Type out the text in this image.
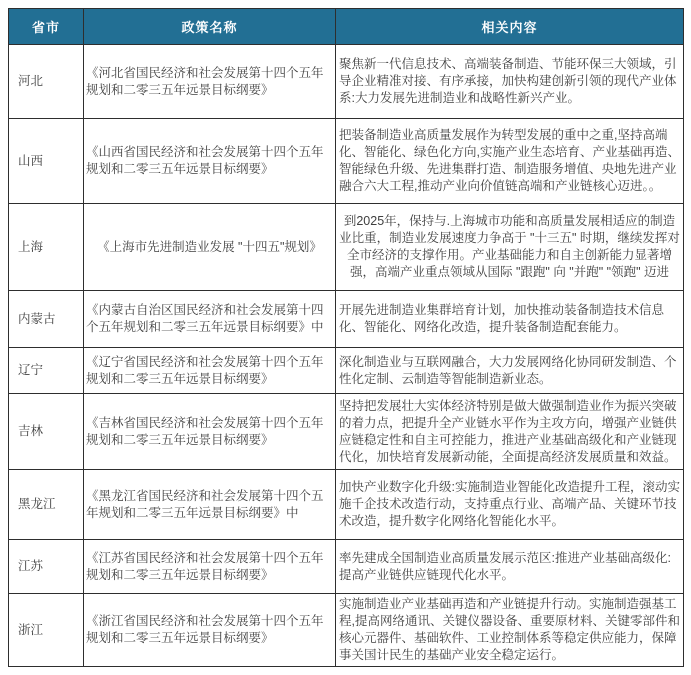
省市	政策名称	相关内容
河北	《河北省国民经济和社会发展第十四个五年规划和二零三五年远景目标纲要》	聚焦新一代信息技术、高端装备制造、节能环保三大领域，引导企业精准对接、有序承接，加快构建创新引领的现代产业体系:大力发展先进制造业和战略性新兴产业。
山西	《山西省国民经济和社会发展第十四个五年规划和二零三五年远景目标纲要》	把装备制造业高质量发展作为转型发展的重中之重,坚持高端化、智能化、绿色化方向,实施产业生态培育、产业基础再造、智能绿色升级、先进集群打造、制造服务增值、央地先进产业融合六大工程,推动产业向价值链高端和产业链核心迈进。。
上海	《上海市先进制造业发展 "十四五"规划》	到2025年，保持与.上海城市功能和高质量发展相适应的制造业比重，制造业发展速度力争高于 "十三五" 时期，继续发挥对全市经济的支撑作用。产业基础能力和自主创新能力显著增强，高端产业重点领域从国际 "跟跑" 向 "并跑" "领跑" 迈进
内蒙古	《内蒙古自治区国民经济和社会发展第十四个五年规划和二零三五年远景目标纲要》中	开展先进制造业集群培育计划，加快推动装备制造技术信息化、智能化、网络化改造，提升装备制造配套能力。
辽宁	《辽宁省国民经济和社会发展第十四个五年规划和二零三五年远景目标纲要》	深化制造业与互联网融合，大力发展网络化协同研发制造、个性化定制、云制造等智能制造新业态。
吉林	《吉林省国民经济和社会发展第十四个五年规划和二零三五年远景目标纲要》	坚持把发展壮大实体经济特别是做大做强制造业作为振兴突破的着力点，把提升全产业链水平作为主攻方向，增强产业链供应链稳定性和自主可控能力，推进产业基础高级化和产业链现代化，加快培育发展新动能，全面提高经济发展质量和效益。
黑龙江	《黑龙江省国民经济和社会发展第十四个五年规划和二零三五年远景目标纲要》中	加快产业数字化升级:实施制造业智能化改造提升工程，滚动实施千企技术改造行动，支持重点行业、高端产品、关键环节技术改造，提升数字化网络化智能化水平。
江苏	《江苏省国民经济和社会发展第十四个五年规划和二零三五年远景目标纲要》	率先建成全国制造业高质量发展示范区:推进产业基础高级化:提高产业链供应链现代化水平。
浙江	《浙江省国民经济和社会发展第十四个五年规划和二零三五年远景目标纲要》	实施制造业产业基础再造和产业链提升行动。实施制造强基工程,提高网络通讯、关键仪器设备、重要原材料、关键零部件和核心元器件、基础软件、工业控制体系等稳定供应能力，保障事关国计民生的基础产业安全稳定运行。
